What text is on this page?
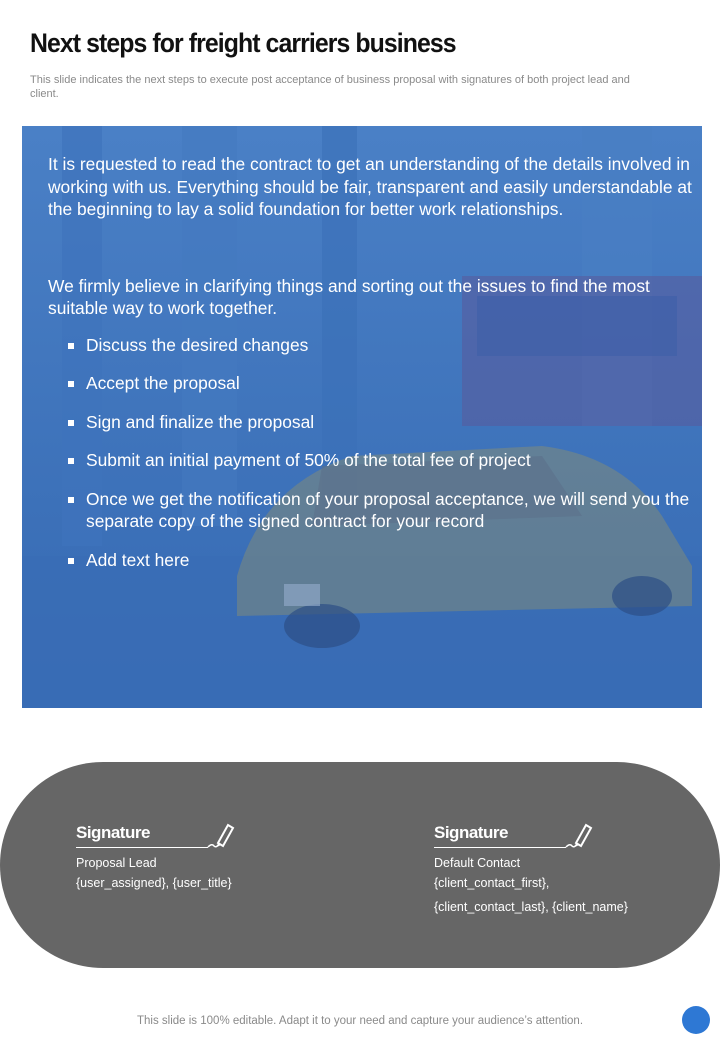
Next steps for freight carriers business

This slide indicates the next steps to execute post acceptance of business proposal with signatures of both project lead and client.

It is requested to read the contract to get an understanding of the details involved in working with us. Everything should be fair, transparent and easily understandable at the beginning to lay a solid foundation for better work relationships.

We firmly believe in clarifying things and sorting out the issues to find the most suitable way to work together.

Discuss the desired changes
Accept the proposal
Sign and finalize the proposal
Submit an initial payment of 50% of the total fee of project
Once we get the notification of your proposal acceptance, we will send you the separate copy of the signed contract for your record
Add text here
Signature
Proposal Lead
{user_assigned}, {user_title}
Signature
Default Contact
{client_contact_first},
{client_contact_last}, {client_name}
This slide is 100% editable. Adapt it to your need and capture your audience’s attention.
